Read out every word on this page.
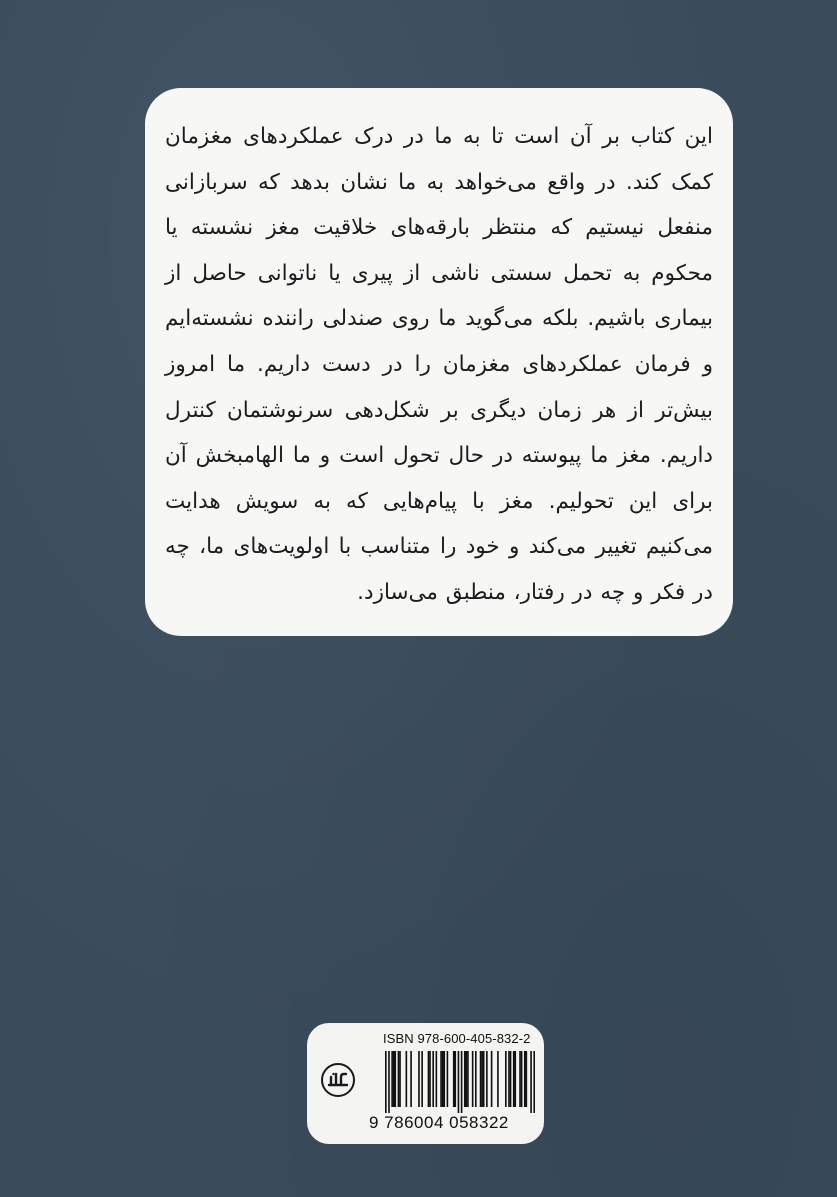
این کتاب بر آن است تا به ما در درک عملکردهای مغزمان کمک کند. در واقع می‌خواهد به ما نشان بدهد که سربازانی منفعل نیستیم که منتظر بارقه‌های خلاقیت مغز نشسته یا محکوم به تحمل سستی ناشی از پیری یا ناتوانی حاصل از بیماری باشیم. بلکه می‌گوید ما روی صندلی راننده نشسته‌ایم و فرمان عملکردهای مغزمان را در دست داریم. ما امروز بیش‌تر از هر زمان دیگری بر شکل‌دهی سرنوشتمان کنترل داریم. مغز ما پیوسته در حال تحول است و ما الهامبخش آن برای این تحولیم. مغز با پیام‌هایی که به سویش هدایت می‌کنیم تغییر می‌کند و خود را متناسب با اولویت‌های ما، چه در فکر و چه در رفتار، منطبق می‌سازد.

ISBN 978-600-405-832-2
9 786004 058322
